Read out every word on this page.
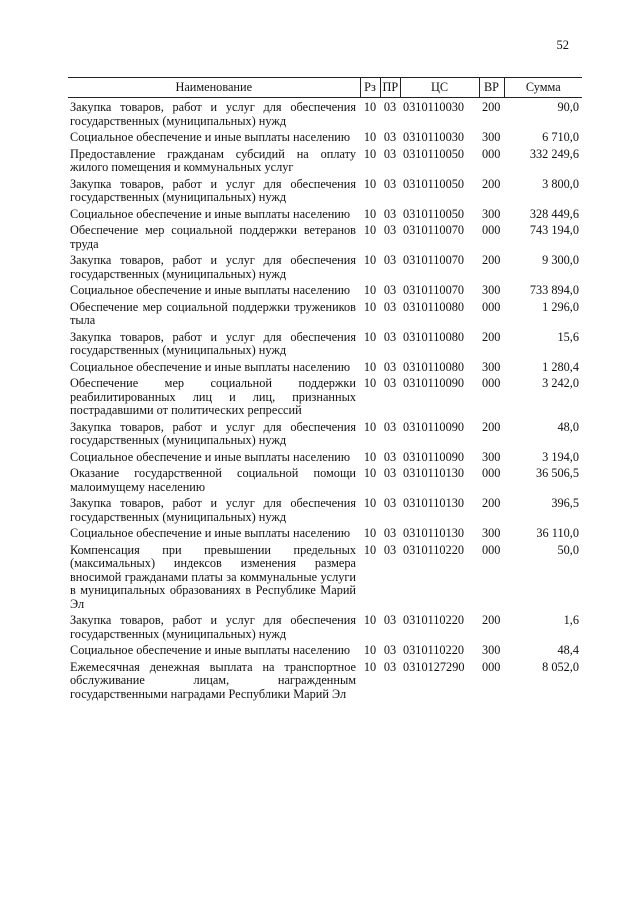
52
Наименование	Рз	ПР	ЦС	ВР	Сумма
Закупка товаров, работ и услуг для обеспечения государственных (муниципальных) нужд	10	03	0310110030	200	90,0
Социальное обеспечение и иные выплаты населению	10	03	0310110030	300	6 710,0
Предоставление гражданам субсидий на оплату жилого помещения и коммунальных услуг	10	03	0310110050	000	332 249,6
Закупка товаров, работ и услуг для обеспечения государственных (муниципальных) нужд	10	03	0310110050	200	3 800,0
Социальное обеспечение и иные выплаты населению	10	03	0310110050	300	328 449,6
Обеспечение мер социальной поддержки ветеранов труда	10	03	0310110070	000	743 194,0
Закупка товаров, работ и услуг для обеспечения государственных (муниципальных) нужд	10	03	0310110070	200	9 300,0
Социальное обеспечение и иные выплаты населению	10	03	0310110070	300	733 894,0
Обеспечение мер социальной поддержки тружеников тыла	10	03	0310110080	000	1 296,0
Закупка товаров, работ и услуг для обеспечения государственных (муниципальных) нужд	10	03	0310110080	200	15,6
Социальное обеспечение и иные выплаты населению	10	03	0310110080	300	1 280,4
Обеспечение мер социальной поддержки реабилитированных лиц и лиц, признанных пострадавшими от политических репрессий	10	03	0310110090	000	3 242,0
Закупка товаров, работ и услуг для обеспечения государственных (муниципальных) нужд	10	03	0310110090	200	48,0
Социальное обеспечение и иные выплаты населению	10	03	0310110090	300	3 194,0
Оказание государственной социальной помощи малоимущему населению	10	03	0310110130	000	36 506,5
Закупка товаров, работ и услуг для обеспечения государственных (муниципальных) нужд	10	03	0310110130	200	396,5
Социальное обеспечение и иные выплаты населению	10	03	0310110130	300	36 110,0
Компенсация при превышении предельных (максимальных) индексов изменения размера вносимой гражданами платы за коммунальные услуги в муниципальных образованиях в Республике Марий Эл	10	03	0310110220	000	50,0
Закупка товаров, работ и услуг для обеспечения государственных (муниципальных) нужд	10	03	0310110220	200	1,6
Социальное обеспечение и иные выплаты населению	10	03	0310110220	300	48,4
Ежемесячная денежная выплата на транспортное обслуживание лицам, награжденным государственными наградами Республики Марий Эл	10	03	0310127290	000	8 052,0
